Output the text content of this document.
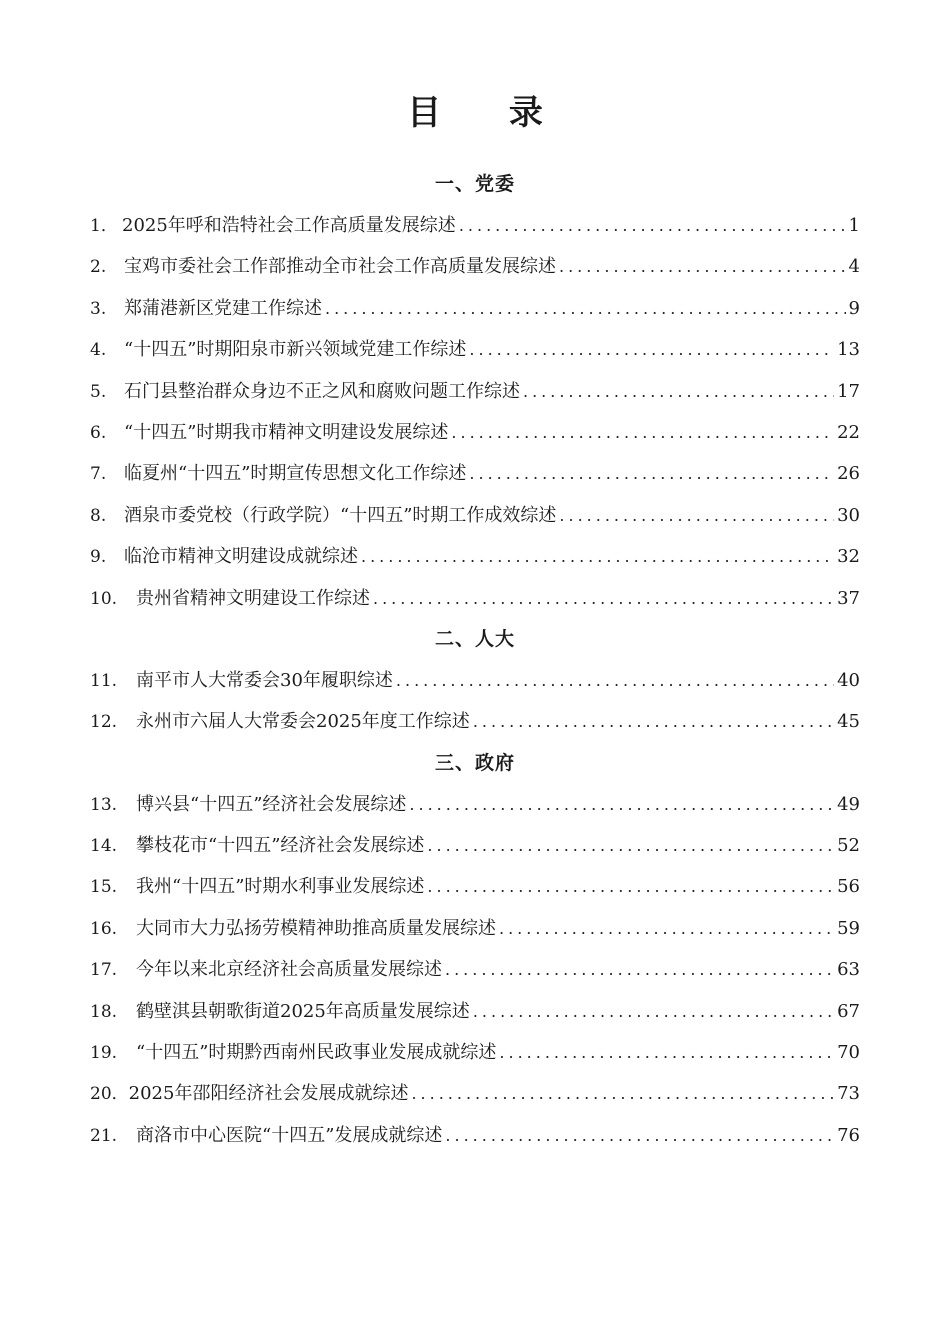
目 录
一、党委
1． 2025年呼和浩特社会工作高质量发展综述 .....	1
2. 宝鸡市委社会工作部推动全市社会工作高质量发展综述 .....	4
3. 郑蒲港新区党建工作综述 .....	9
4. “十四五”时期阳泉市新兴领域党建工作综述 .....	13
5. 石门县整治群众身边不正之风和腐败问题工作综述 .....	17
6. “十四五”时期我市精神文明建设发展综述 .....	22
7. 临夏州“十四五”时期宣传思想文化工作综述 .....	26
8. 酒泉市委党校（行政学院）“十四五”时期工作成效综述 .....	30
9. 临沧市精神文明建设成就综述 .....	32
10.	贵州省精神文明建设工作综述 .....	37
二、人大
11.	南平市人大常委会30年履职综述 .....	40
12.	永州市六届人大常委会2025年度工作综述 .....	45
三、政府
13.	博兴县“十四五”经济社会发展综述 .....	49
14.	攀枝花市“十四五”经济社会发展综述 .....	52
15.	我州“十四五”时期水利事业发展综述 .....	56
16.	大同市大力弘扬劳模精神助推高质量发展综述 .....	59
17.	今年以来北京经济社会高质量发展综述 .....	63
18.	鹤壁淇县朝歌街道2025年高质量发展综述 .....	67
19.	“十四五”时期黔西南州民政事业发展成就综述 .....	70
20． 2025年邵阳经济社会发展成就综述 .....	73
21.	商洛市中心医院“十四五”发展成就综述 .....	76
